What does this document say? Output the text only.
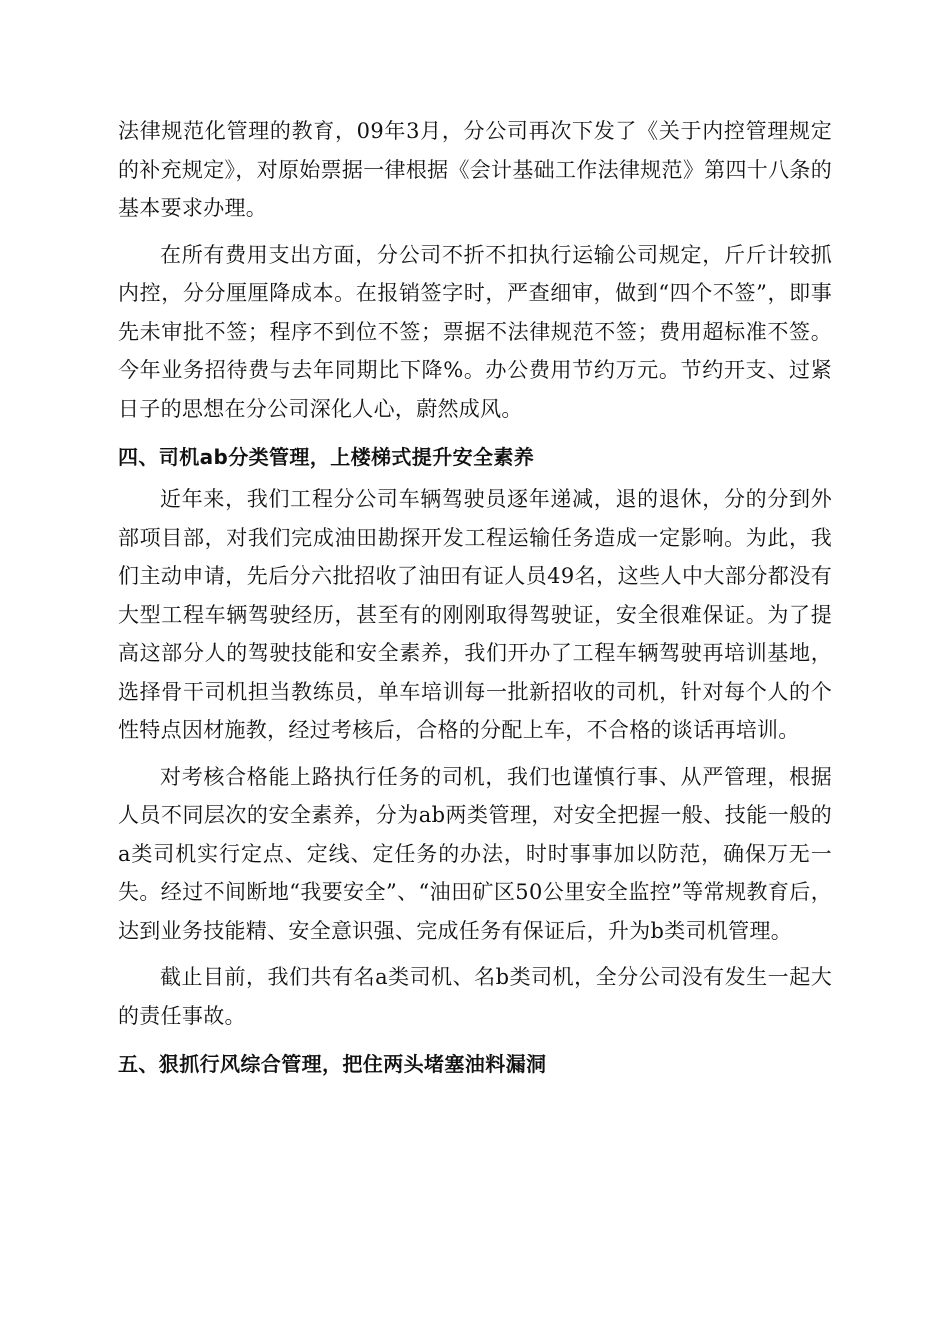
法律规范化管理的教育，09年3月，分公司再次下发了《关于内控管理规定的补充规定》，对原始票据一律根据《会计基础工作法律规范》第四十八条的基本要求办理。

在所有费用支出方面，分公司不折不扣执行运输公司规定，斤斤计较抓内控，分分厘厘降成本。在报销签字时，严查细审，做到“四个不签”，即事先未审批不签；程序不到位不签；票据不法律规范不签；费用超标准不签。今年业务招待费与去年同期比下降%。办公费用节约万元。节约开支、过紧日子的思想在分公司深化人心，蔚然成风。

四、司机ab分类管理，上楼梯式提升安全素养

近年来，我们工程分公司车辆驾驶员逐年递减，退的退休，分的分到外部项目部，对我们完成油田勘探开发工程运输任务造成一定影响。为此，我们主动申请，先后分六批招收了油田有证人员49名，这些人中大部分都没有大型工程车辆驾驶经历，甚至有的刚刚取得驾驶证，安全很难保证。为了提高这部分人的驾驶技能和安全素养，我们开办了工程车辆驾驶再培训基地，选择骨干司机担当教练员，单车培训每一批新招收的司机，针对每个人的个性特点因材施教，经过考核后，合格的分配上车，不合格的谈话再培训。

对考核合格能上路执行任务的司机，我们也谨慎行事、从严管理，根据人员不同层次的安全素养，分为ab两类管理，对安全把握一般、技能一般的a类司机实行定点、定线、定任务的办法，时时事事加以防范，确保万无一失。经过不间断地“我要安全”、“油田矿区50公里安全监控”等常规教育后，达到业务技能精、安全意识强、完成任务有保证后，升为b类司机管理。

截止目前，我们共有名a类司机、名b类司机，全分公司没有发生一起大的责任事故。

五、狠抓行风综合管理，把住两头堵塞油料漏洞
